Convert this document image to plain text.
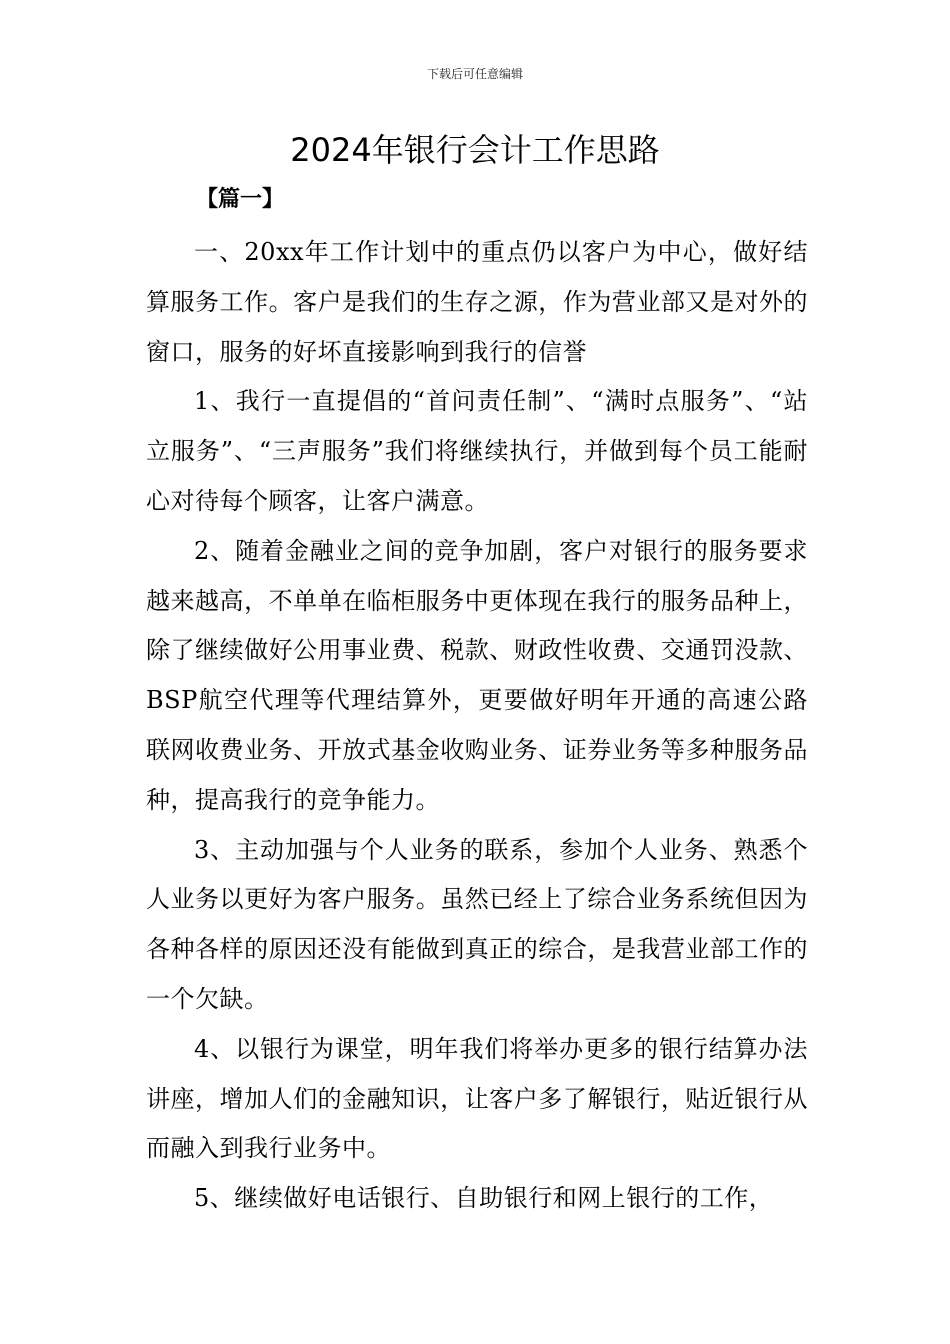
下载后可任意编辑
2024年银行会计工作思路
【篇一】

一、20xx年工作计划中的重点仍以客户为中心，做好结算服务工作。客户是我们的生存之源，作为营业部又是对外的窗口，服务的好坏直接影响到我行的信誉

1、我行一直提倡的“首问责任制”、“满时点服务”、“站立服务”、“三声服务”我们将继续执行，并做到每个员工能耐心对待每个顾客，让客户满意。

2、随着金融业之间的竞争加剧，客户对银行的服务要求越来越高，不单单在临柜服务中更体现在我行的服务品种上，除了继续做好公用事业费、税款、财政性收费、交通罚没款、BSP航空代理等代理结算外，更要做好明年开通的高速公路联网收费业务、开放式基金收购业务、证券业务等多种服务品种，提高我行的竞争能力。

3、主动加强与个人业务的联系，参加个人业务、熟悉个人业务以更好为客户服务。虽然已经上了综合业务系统但因为各种各样的原因还没有能做到真正的综合，是我营业部工作的一个欠缺。

4、以银行为课堂，明年我们将举办更多的银行结算办法讲座，增加人们的金融知识，让客户多了解银行，贴近银行从而融入到我行业务中。

5、继续做好电话银行、自助银行和网上银行的工作，
